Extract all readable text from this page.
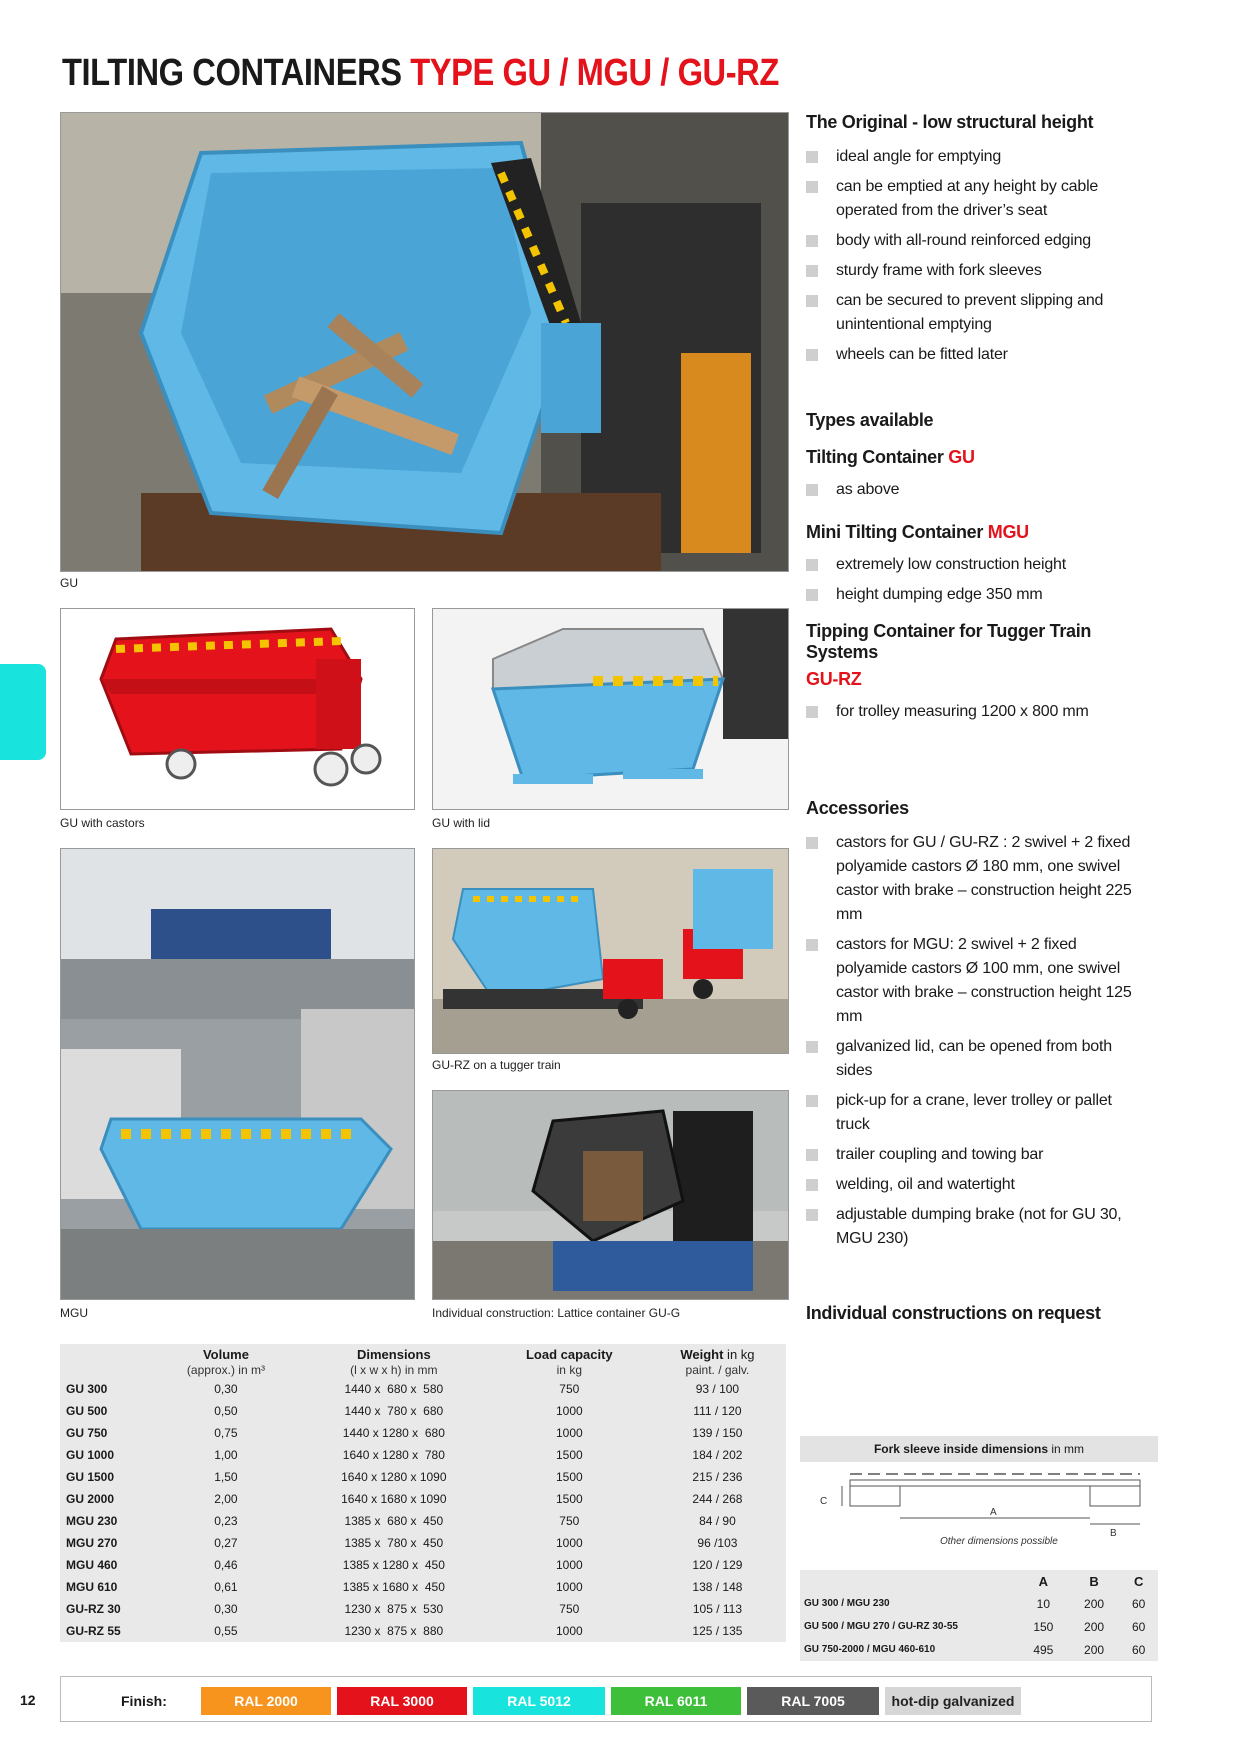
TILTING CONTAINERS TYPE GU / MGU / GU-RZ
GU
GU with castors	GU with lid
MGU
GU-RZ on a tugger train
Individual construction: Lattice container GU-G
The Original - low structural height
ideal angle for emptying
can be emptied at any height by cable operated from the driver’s seat
body with all-round reinforced edging
sturdy frame with fork sleeves
can be secured to prevent slipping and unintentional emptying
wheels can be fitted later
Types available
Tilting Container GU
as above
Mini Tilting Container MGU
extremely low construction height
height dumping edge 350 mm
Tipping Container for Tugger Train Systems
GU-RZ
for trolley measuring 1200 x 800 mm
Accessories
castors for GU / GU-RZ : 2 swivel + 2 fixed polyamide castors Ø 180 mm, one swivel castor with brake – construction height 225 mm
castors for MGU: 2 swivel + 2 fixed polyamide castors Ø 100 mm, one swivel castor with brake – construction height 125 mm
galvanized lid, can be opened from both sides
pick-up for a crane, lever trolley or pallet truck
trailer coupling and towing bar
welding, oil and watertight
adjustable dumping brake (not for GU 30, MGU 230)
Individual constructions on request
	Volume	Dimensions	Load capacity	Weight in kg
	(approx.) in m³	(l x w x h) in mm	in kg	paint. / galv.
GU 300	0,30	1440 x  680 x  580	750	93 / 100
GU 500	0,50	1440 x  780 x  680	1000	111 / 120
GU 750	0,75	1440 x 1280 x  680	1000	139 / 150
GU 1000	1,00	1640 x 1280 x  780	1500	184 / 202
GU 1500	1,50	1640 x 1280 x 1090	1500	215 / 236
GU 2000	2,00	1640 x 1680 x 1090	1500	244 / 268
MGU 230	0,23	1385 x  680 x  450	750	84 / 90
MGU 270	0,27	1385 x  780 x  450	1000	96 /103
MGU 460	0,46	1385 x 1280 x  450	1000	120 / 129
MGU 610	0,61	1385 x 1680 x  450	1000	138 / 148
GU-RZ 30	0,30	1230 x  875 x  530	750	105 / 113
GU-RZ 55	0,55	1230 x  875 x  880	1000	125 / 135
Fork sleeve inside dimensions in mm
C
A
B
Other dimensions possible
	A	B	C
GU 300 / MGU 230	10	200	60
GU 500 / MGU 270 / GU-RZ 30-55	150	200	60
GU 750-2000 / MGU 460-610	495	200	60
12	Finish:	RAL 2000	RAL 3000	RAL 5012	RAL 6011	RAL 7005	hot-dip galvanized
